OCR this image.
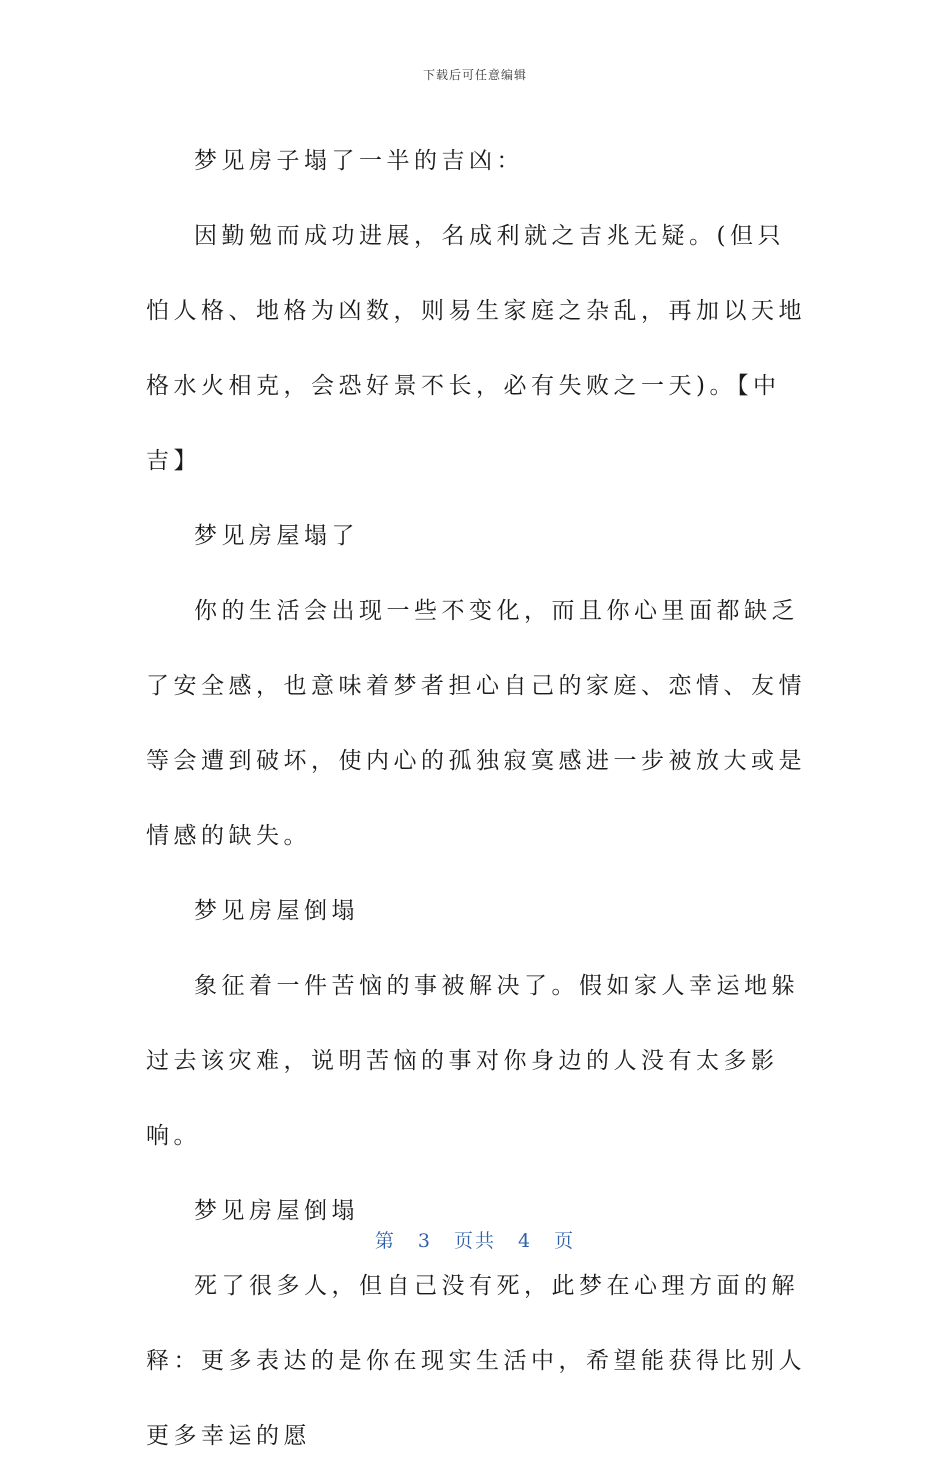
下载后可任意编辑

梦见房子塌了一半的吉凶：

因勤勉而成功进展，名成利就之吉兆无疑。(但只怕人格、地格为凶数，则易生家庭之杂乱，再加以天地格水火相克，会恐好景不长，必有失败之一天)。【中吉】

梦见房屋塌了

你的生活会出现一些不变化，而且你心里面都缺乏了安全感，也意味着梦者担心自己的家庭、恋情、友情等会遭到破坏，使内心的孤独寂寞感进一步被放大或是情感的缺失。

梦见房屋倒塌

象征着一件苦恼的事被解决了。假如家人幸运地躲过去该灾难，说明苦恼的事对你身边的人没有太多影响。

梦见房屋倒塌

死了很多人，但自己没有死，此梦在心理方面的解释：更多表达的是你在现实生活中，希望能获得比别人更多幸运的愿

第 3 页共 4 页
